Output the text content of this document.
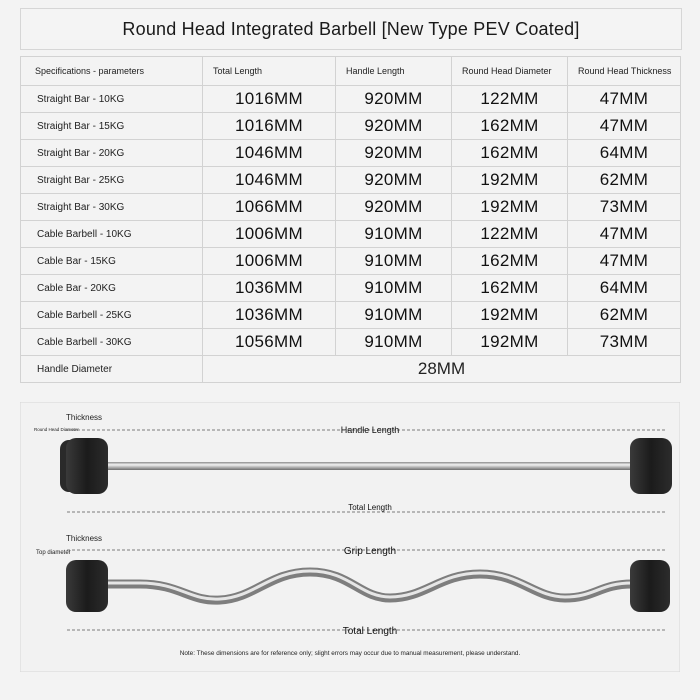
Round Head Integrated Barbell [New Type PEV Coated]
Specifications - parameters	Total Length	Handle Length	Round Head Diameter	Round Head Thickness
Straight Bar - 10KG	1016MM	920MM	122MM	47MM
Straight Bar - 15KG	1016MM	920MM	162MM	47MM
Straight Bar - 20KG	1046MM	920MM	162MM	64MM
Straight Bar - 25KG	1046MM	920MM	192MM	62MM
Straight Bar - 30KG	1066MM	920MM	192MM	73MM
Cable Barbell - 10KG	1006MM	910MM	122MM	47MM
Cable Bar - 15KG	1006MM	910MM	162MM	47MM
Cable Bar - 20KG	1036MM	910MM	162MM	64MM
Cable Barbell - 25KG	1036MM	910MM	192MM	62MM
Cable Barbell - 30KG	1056MM	910MM	192MM	73MM
Handle Diameter	28MM			
Thickness
Round Head Diameter	Handle Length
Total Length
Thickness
Top diameter	Grip Length
Total Length
Note: These dimensions are for reference only; slight errors may occur due to manual measurement, please understand.
